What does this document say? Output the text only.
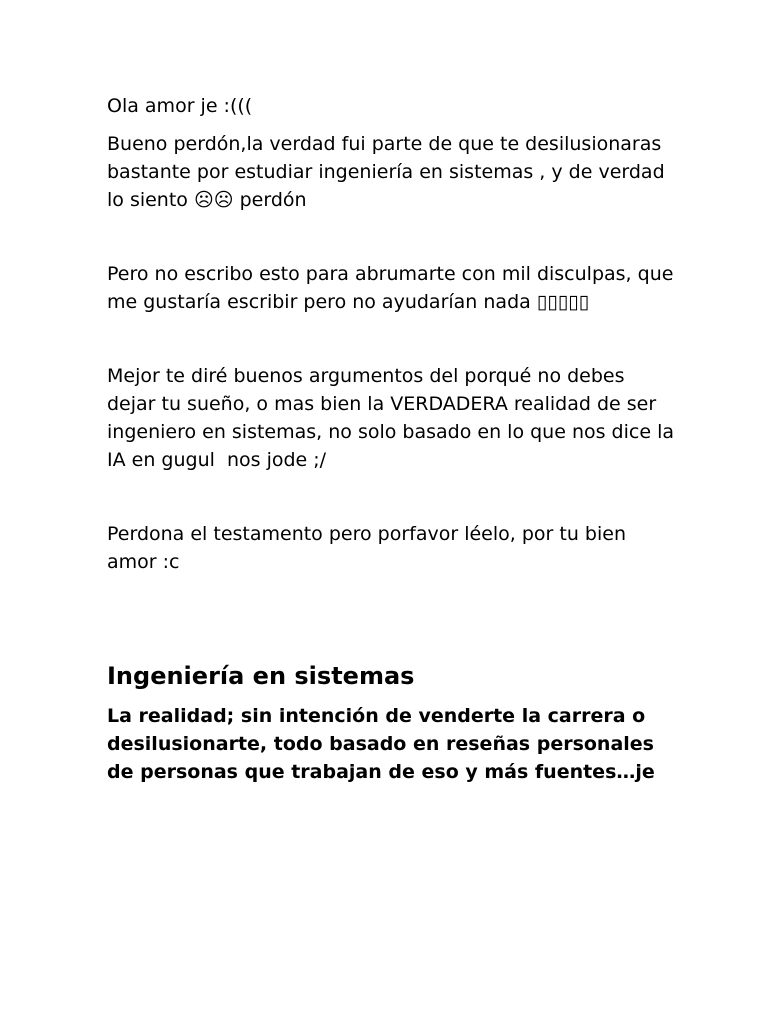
Ola amor je :(((

Bueno perdón,la verdad fui parte de que te desilusionaras bastante por estudiar ingeniería en sistemas , y de verdad lo siento ☹☹ perdón

Pero no escribo esto para abrumarte con mil disculpas, que me gustaría escribir pero no ayudarían nada ▯▯▯▯▯

Mejor te diré buenos argumentos del porqué no debes dejar tu sueño, o mas bien la VERDADERA realidad de ser ingeniero en sistemas, no solo basado en lo que nos dice la IA en gugul  nos jode ;/

Perdona el testamento pero porfavor léelo, por tu bien amor :c

Ingeniería en sistemas

La realidad; sin intención de venderte la carrera o desilusionarte, todo basado en reseñas personales de personas que trabajan de eso y más fuentes…je
